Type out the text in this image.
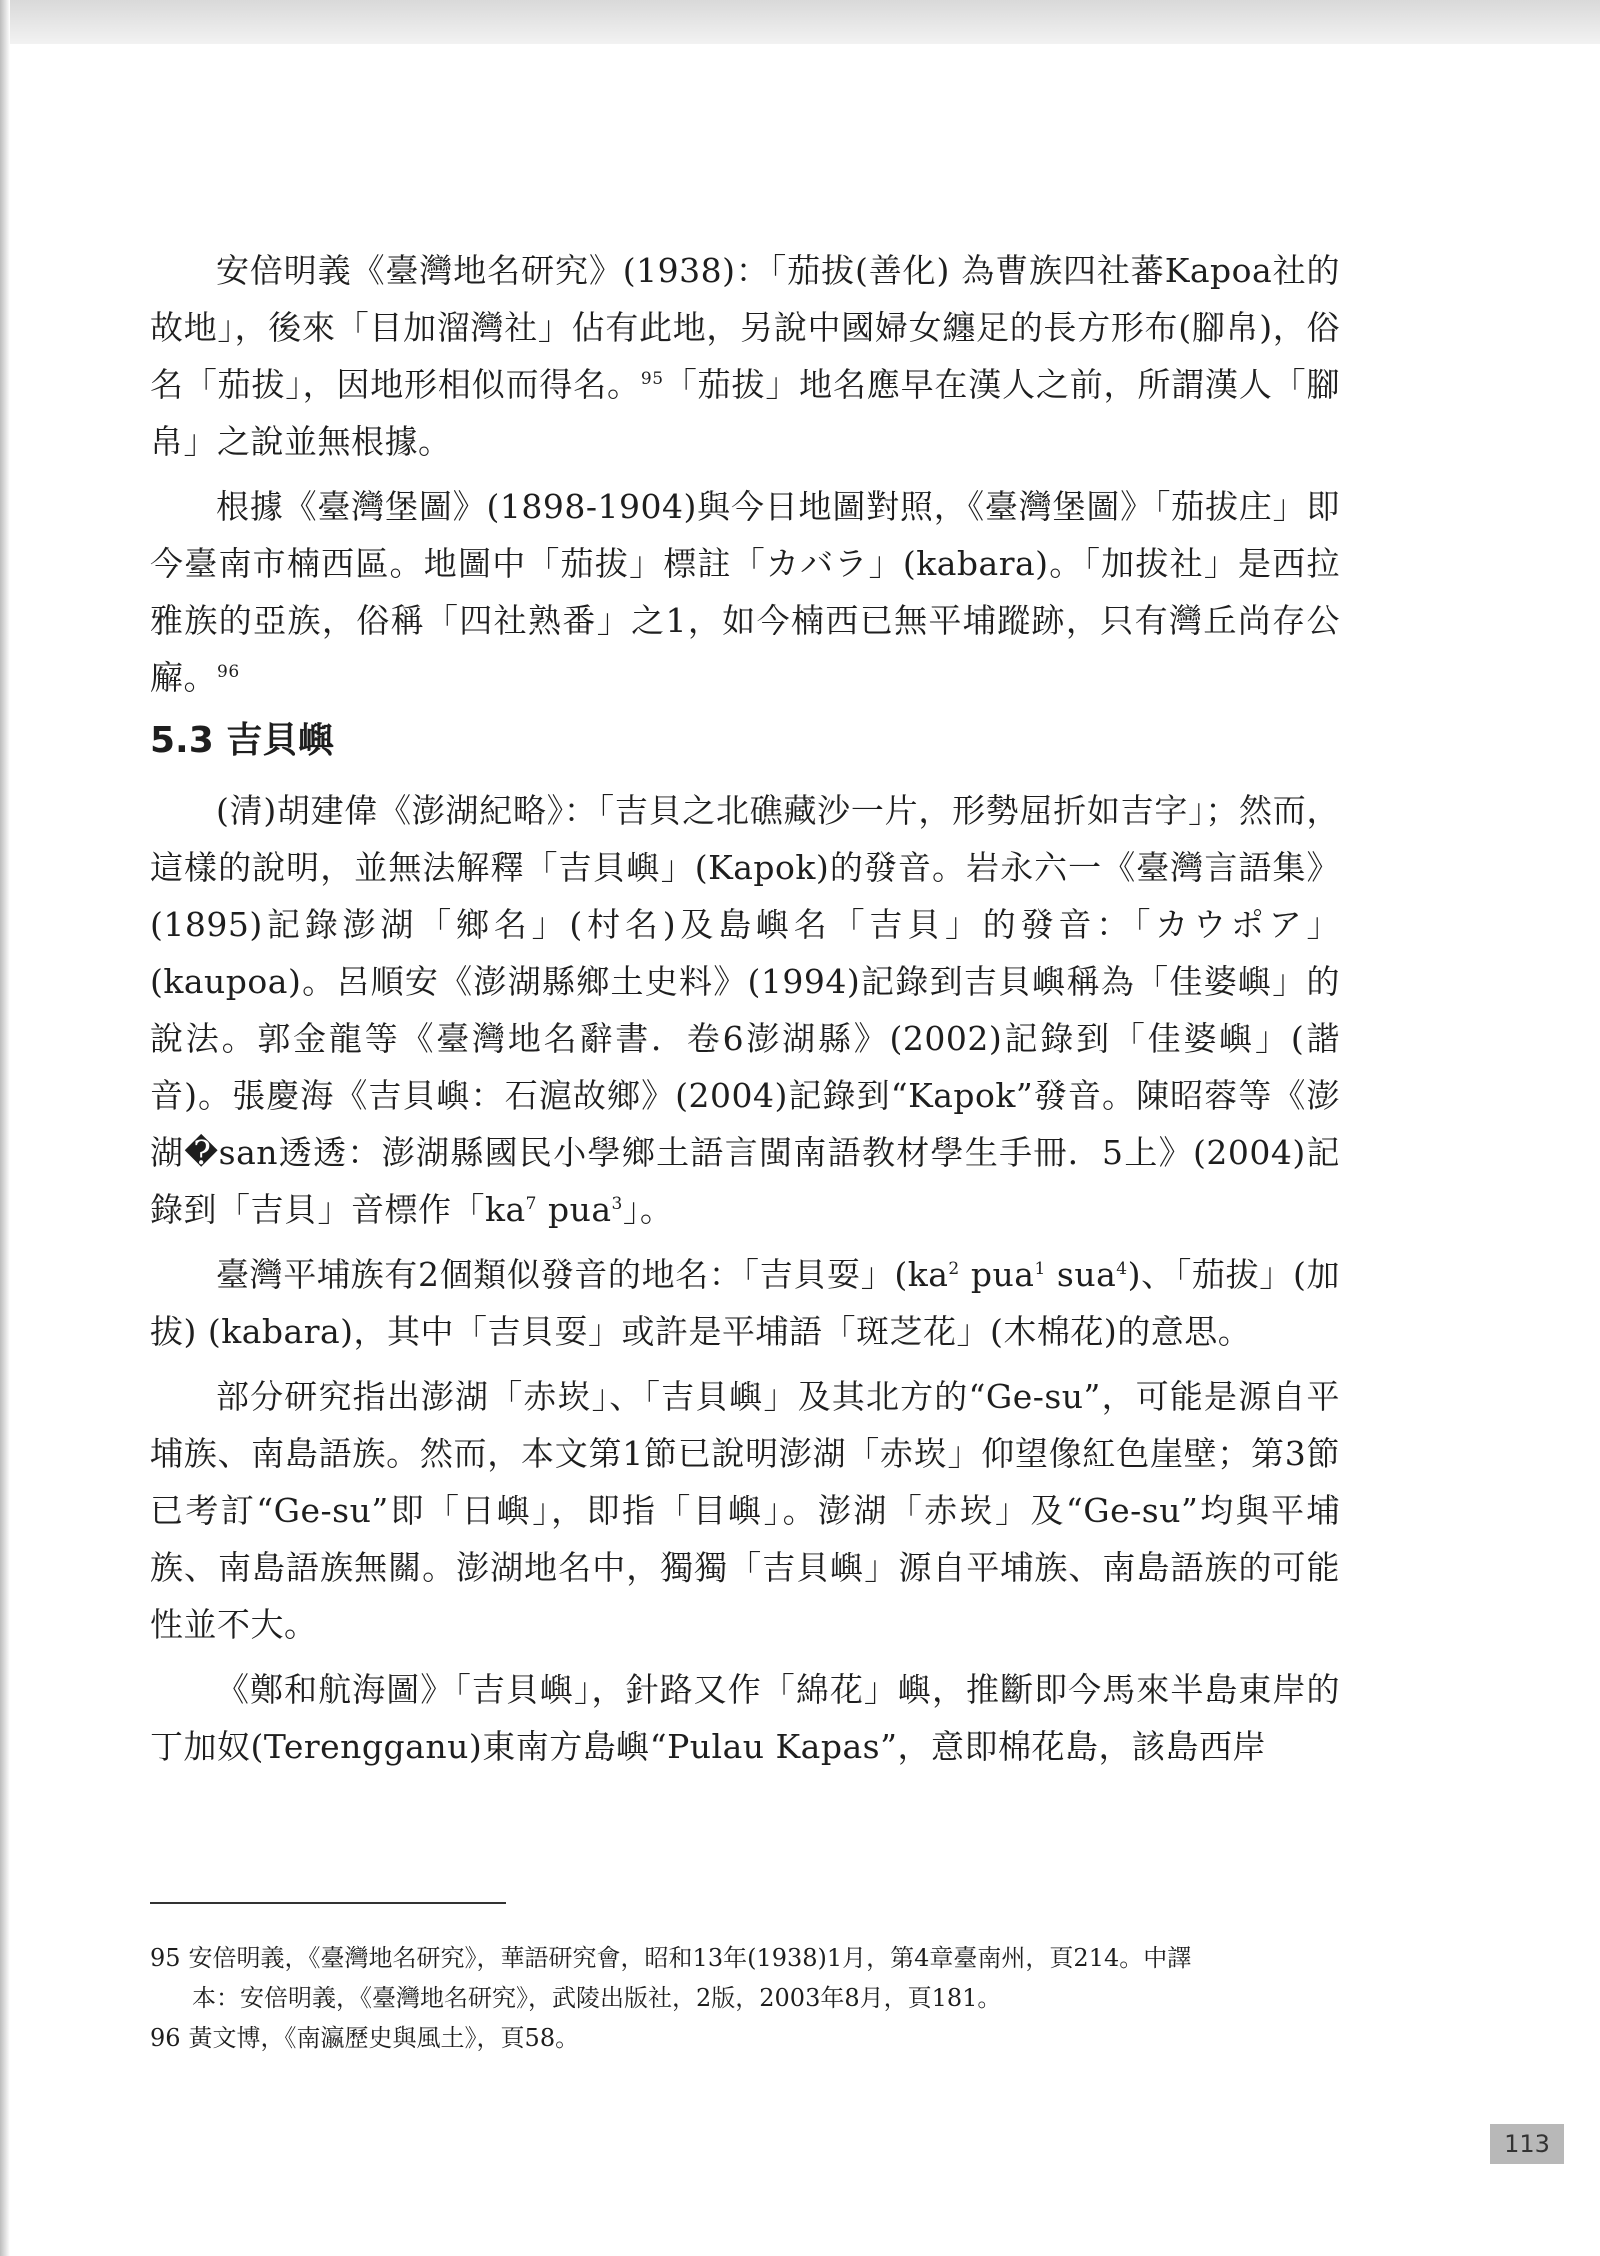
安倍明義《臺灣地名研究》(1938)：「茄拔(善化) 為曹族四社蕃Kapoa社的故地」，後來「目加溜灣社」佔有此地，另說中國婦女纏足的長方形布(腳帛)，俗名「茄拔」，因地形相似而得名。$^{95}$「茄拔」地名應早在漢人之前，所謂漢人「腳帛」之說並無根據。

根據《臺灣堡圖》(1898-1904)與今日地圖對照，《臺灣堡圖》「茄拔庄」即今臺南市楠西區。地圖中「茄拔」標註「カバラ」(kabara)。「加拔社」是西拉雅族的亞族，俗稱「四社熟番」之1，如今楠西已無平埔蹤跡，只有灣丘尚存公廨。$^{96}$

5.3 吉貝嶼

(清)胡建偉《澎湖紀略》：「吉貝之北礁藏沙一片，形勢屈折如吉字」；然而，這樣的說明，並無法解釋「吉貝嶼」(Kapok)的發音。岩永六一《臺灣言語集》(1895)記錄澎湖「鄉名」(村名)及島嶼名「吉貝」的發音：「カウポア」(kaupoa)。呂順安《澎湖縣鄉土史料》(1994)記錄到吉貝嶼稱為「佳婆嶼」的說法。郭金龍等《臺灣地名辭書．卷6澎湖縣》(2002)記錄到「佳婆嶼」(諧音)。張慶海《吉貝嶼：石滬故鄉》(2004)記錄到“Kapok”發音。陳昭蓉等《澎湖�san透透：澎湖縣國民小學鄉土語言閩南語教材學生手冊．5上》(2004)記錄到「吉貝」音標作「$ka^7$ pua$^3$」。

臺灣平埔族有2個類似發音的地名：「吉貝耍」($ka^2$ pua$^1$ sua$^4$)、「茄拔」(加拔) (kabara)，其中「吉貝耍」或許是平埔語「斑芝花」(木棉花)的意思。

部分研究指出澎湖「赤崁」、「吉貝嶼」及其北方的“Ge-su”，可能是源自平埔族、南島語族。然而，本文第1節已說明澎湖「赤崁」仰望像紅色崖壁；第3節已考訂“Ge-su”即「日嶼」，即指「目嶼」。澎湖「赤崁」及“Ge-su”均與平埔族、南島語族無關。澎湖地名中，獨獨「吉貝嶼」源自平埔族、南島語族的可能性並不大。

《鄭和航海圖》「吉貝嶼」，針路又作「綿花」嶼，推斷即今馬來半島東岸的丁加奴(Terengganu)東南方島嶼“Pulau Kapas”，意即棉花島，該島西岸

95 安倍明義，《臺灣地名研究》，華語研究會，昭和13年(1938)1月，第4章臺南州，頁214。中譯

本：安倍明義，《臺灣地名研究》，武陵出版社，2版，2003年8月，頁181。

96 黃文博，《南瀛歷史與風土》，頁58。

113
